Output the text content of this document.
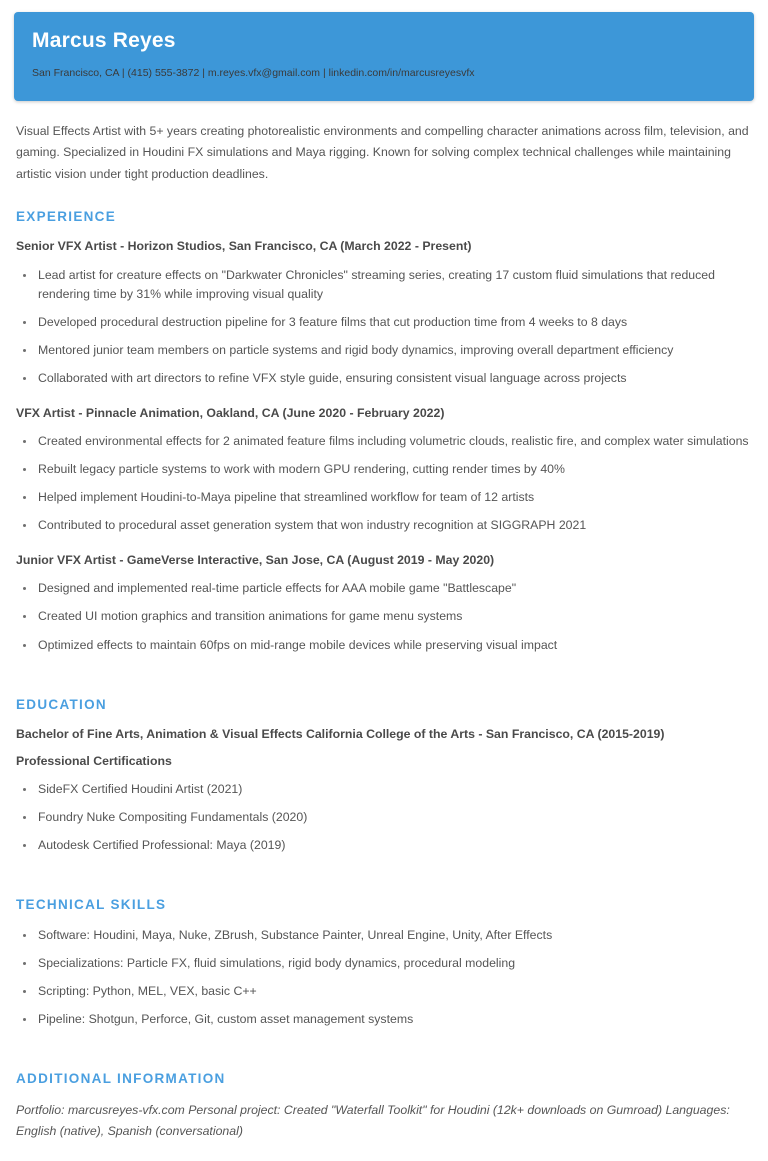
Marcus Reyes

San Francisco, CA | (415) 555-3872 | m.reyes.vfx@gmail.com | linkedin.com/in/marcusreyesvfx

Visual Effects Artist with 5+ years creating photorealistic environments and compelling character animations across film, television, and gaming. Specialized in Houdini FX simulations and Maya rigging. Known for solving complex technical challenges while maintaining artistic vision under tight production deadlines.

EXPERIENCE
Senior VFX Artist - Horizon Studios, San Francisco, CA (March 2022 - Present)
Lead artist for creature effects on "Darkwater Chronicles" streaming series, creating 17 custom fluid simulations that reduced rendering time by 31% while improving visual quality
Developed procedural destruction pipeline for 3 feature films that cut production time from 4 weeks to 8 days
Mentored junior team members on particle systems and rigid body dynamics, improving overall department efficiency
Collaborated with art directors to refine VFX style guide, ensuring consistent visual language across projects
VFX Artist - Pinnacle Animation, Oakland, CA (June 2020 - February 2022)
Created environmental effects for 2 animated feature films including volumetric clouds, realistic fire, and complex water simulations
Rebuilt legacy particle systems to work with modern GPU rendering, cutting render times by 40%
Helped implement Houdini-to-Maya pipeline that streamlined workflow for team of 12 artists
Contributed to procedural asset generation system that won industry recognition at SIGGRAPH 2021
Junior VFX Artist - GameVerse Interactive, San Jose, CA (August 2019 - May 2020)
Designed and implemented real-time particle effects for AAA mobile game "Battlescape"
Created UI motion graphics and transition animations for game menu systems
Optimized effects to maintain 60fps on mid-range mobile devices while preserving visual impact
EDUCATION
Bachelor of Fine Arts, Animation & Visual Effects California College of the Arts - San Francisco, CA (2015-2019)
Professional Certifications
SideFX Certified Houdini Artist (2021)
Foundry Nuke Compositing Fundamentals (2020)
Autodesk Certified Professional: Maya (2019)
TECHNICAL SKILLS
Software: Houdini, Maya, Nuke, ZBrush, Substance Painter, Unreal Engine, Unity, After Effects
Specializations: Particle FX, fluid simulations, rigid body dynamics, procedural modeling
Scripting: Python, MEL, VEX, basic C++
Pipeline: Shotgun, Perforce, Git, custom asset management systems
ADDITIONAL INFORMATION

Portfolio: marcusreyes-vfx.com Personal project: Created "Waterfall Toolkit" for Houdini (12k+ downloads on Gumroad) Languages: English (native), Spanish (conversational)
